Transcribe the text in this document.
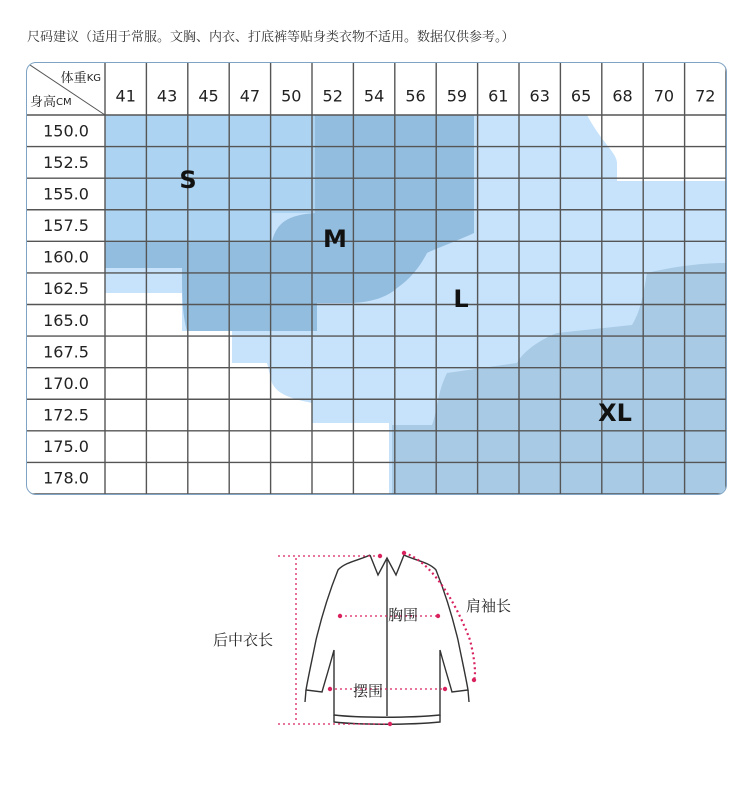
尺码建议（适用于常服。文胸、内衣、打底裤等贴身类衣物不适用。数据仅供参考。）
体重KG
身高CM	41 43 45 47 50 52 54 56 59 61 63 65 68 70 72
150.0
152.5
155.0
157.5
160.0
162.5
165.0
167.5
170.0
172.5
175.0
178.0
S
M
L
XL
后中衣长
胸围	肩袖长
摆围
